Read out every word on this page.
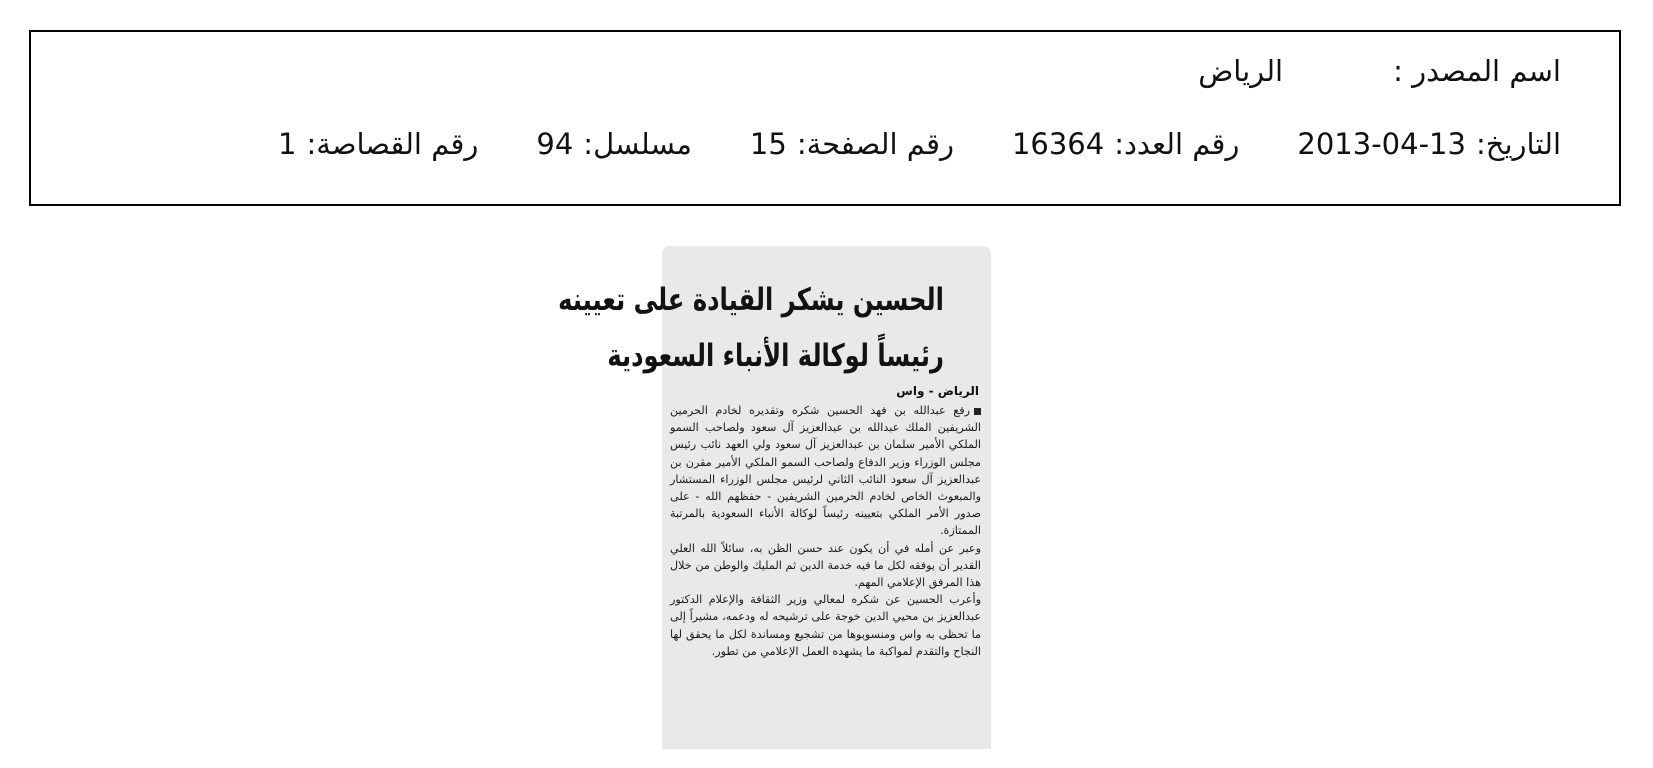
اسم المصدر :
الرياض
التاريخ:
2013-04-13
رقم العدد:
16364
رقم الصفحة:
15
مسلسل:
94
رقم القصاصة:
1
الحسين يشكر القيادة على تعيينه
رئيساً لوكالة الأنباء السعودية
الرياض - واس

رفع عبدالله بن فهد الحسين شكره وتقديره لخادم الحرمين الشريفين الملك عبدالله بن عبدالعزيز آل سعود ولصاحب السمو الملكي الأمير سلمان بن عبدالعزيز آل سعود ولي العهد نائب رئيس مجلس الوزراء وزير الدفاع ولصاحب السمو الملكي الأمير مقرن بن عبدالعزيز آل سعود النائب الثاني لرئيس مجلس الوزراء المستشار والمبعوث الخاص لخادم الحرمين الشريفين - حفظهم الله - على صدور الأمر الملكي بتعيينه رئيساً لوكالة الأنباء السعودية بالمرتبة الممتازة.

وعبر عن أمله في أن يكون عند حسن الظن به، سائلاً الله العلي القدير أن يوفقه لكل ما فيه خدمة الدين ثم المليك والوطن من خلال هذا المرفق الإعلامي المهم.

وأعرب الحسين عن شكره لمعالي وزير الثقافة والإعلام الدكتور عبدالعزيز بن محيي الدين خوجة على ترشيحه له ودعمه، مشيراً إلى ما تحظى به واس ومنسوبوها من تشجيع ومساندة لكل ما يحقق لها النجاح والتقدم لمواكبة ما يشهده العمل الإعلامي من تطور.
